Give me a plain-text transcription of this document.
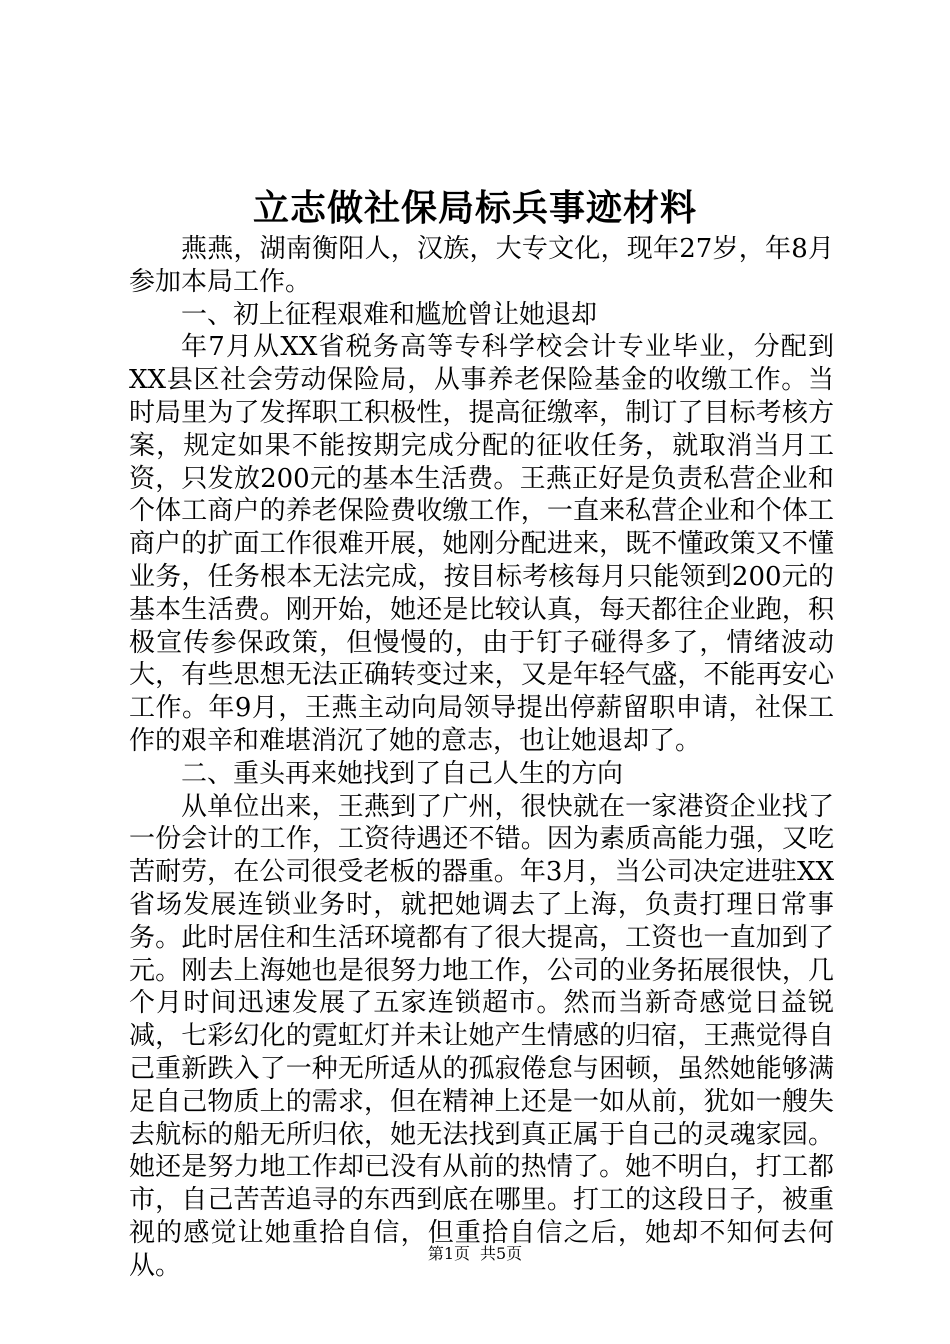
立志做社保局标兵事迹材料

燕燕，湖南衡阳人，汉族，大专文化，现年27岁，年8月参加本局工作。

一、初上征程艰难和尴尬曾让她退却

年7月从XX省税务高等专科学校会计专业毕业，分配到XX县区社会劳动保险局，从事养老保险基金的收缴工作。当时局里为了发挥职工积极性，提高征缴率，制订了目标考核方案，规定如果不能按期完成分配的征收任务，就取消当月工资，只发放200元的基本生活费。王燕正好是负责私营企业和个体工商户的养老保险费收缴工作，一直来私营企业和个体工商户的扩面工作很难开展，她刚分配进来，既不懂政策又不懂业务，任务根本无法完成，按目标考核每月只能领到200元的基本生活费。刚开始，她还是比较认真，每天都往企业跑，积极宣传参保政策，但慢慢的，由于钉子碰得多了，情绪波动大，有些思想无法正确转变过来，又是年轻气盛，不能再安心工作。年9月，王燕主动向局领导提出停薪留职申请，社保工作的艰辛和难堪消沉了她的意志，也让她退却了。

二、重头再来她找到了自己人生的方向

从单位出来，王燕到了广州，很快就在一家港资企业找了一份会计的工作，工资待遇还不错。因为素质高能力强，又吃苦耐劳，在公司很受老板的器重。年3月，当公司决定进驻XX省场发展连锁业务时，就把她调去了上海，负责打理日常事务。此时居住和生活环境都有了很大提高，工资也一直加到了元。刚去上海她也是很努力地工作，公司的业务拓展很快，几个月时间迅速发展了五家连锁超市。然而当新奇感觉日益锐减，七彩幻化的霓虹灯并未让她产生情感的归宿，王燕觉得自己重新跌入了一种无所适从的孤寂倦怠与困顿，虽然她能够满足自己物质上的需求，但在精神上还是一如从前，犹如一艘失去航标的船无所归依，她无法找到真正属于自己的灵魂家园。她还是努力地工作却已没有从前的热情了。她不明白，打工都市，自己苦苦追寻的东西到底在哪里。打工的这段日子，被重视的感觉让她重拾自信，但重拾自信之后，她却不知何去何从。	第1页 共5页
